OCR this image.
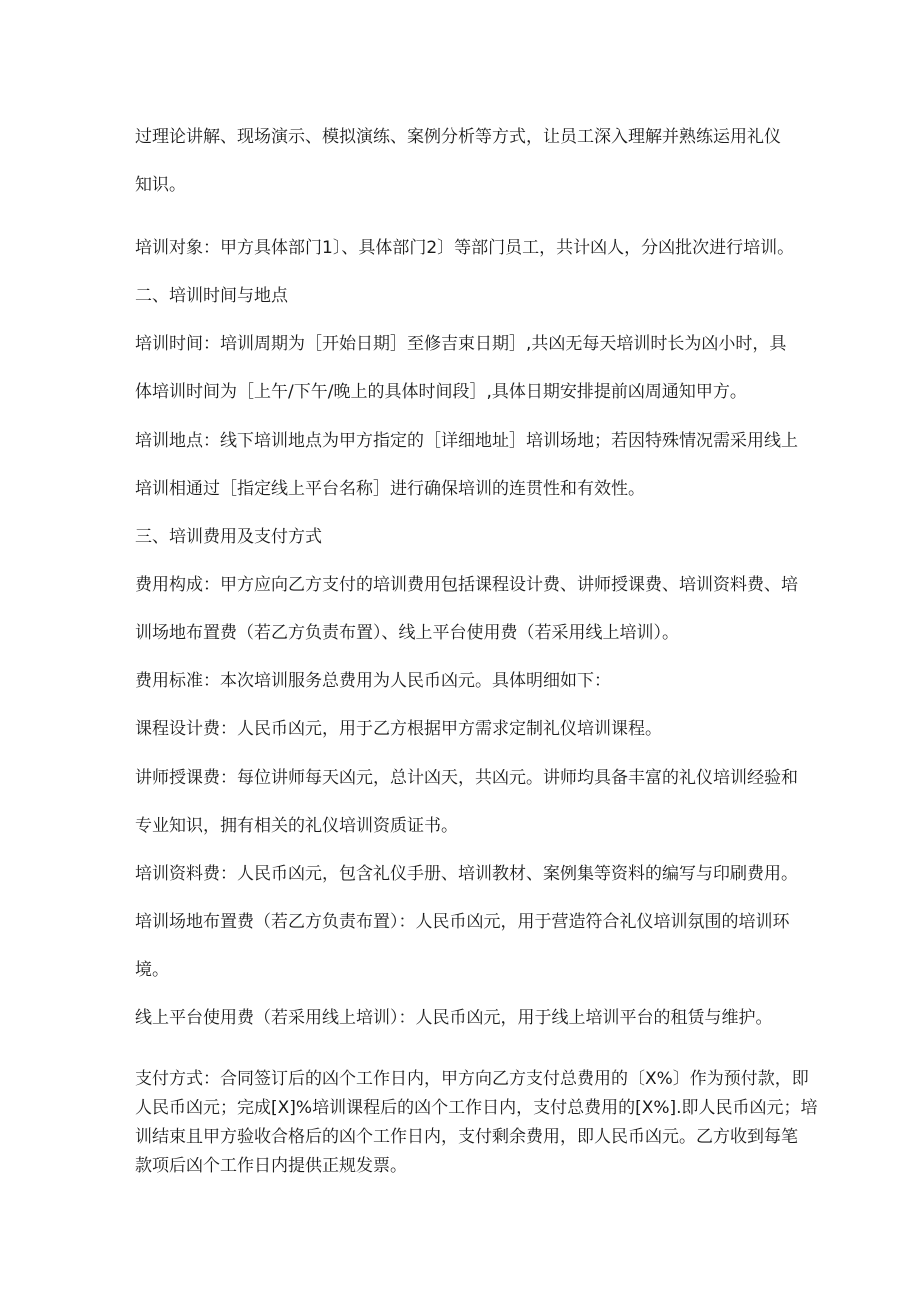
过理论讲解、现场演示、模拟演练、案例分析等方式，让员工深入理解并熟练运用礼仪
知识。
培训对象：甲方具体部门1〕、具体部门2〕等部门员工，共计凶人，分凶批次进行培训。
二、培训时间与地点
培训时间：培训周期为［开始日期］至修吉束日期］,共凶无每天培训时长为凶小时，具
体培训时间为［上午/下午/晚上的具体时间段］,具体日期安排提前凶周通知甲方。
培训地点：线下培训地点为甲方指定的［详细地址］培训场地；若因特殊情况需采用线上
培训相通过［指定线上平台名称］进行确保培训的连贯性和有效性。
三、培训费用及支付方式
费用构成：甲方应向乙方支付的培训费用包括课程设计费、讲师授课费、培训资料费、培
训场地布置费（若乙方负责布置）、线上平台使用费（若采用线上培训）。
费用标准：本次培训服务总费用为人民币凶元。具体明细如下：
课程设计费：人民币凶元，用于乙方根据甲方需求定制礼仪培训课程。
讲师授课费：每位讲师每天凶元，总计凶天，共凶元。讲师均具备丰富的礼仪培训经验和
专业知识，拥有相关的礼仪培训资质证书。
培训资料费：人民币凶元，包含礼仪手册、培训教材、案例集等资料的编写与印刷费用。
培训场地布置费（若乙方负责布置）：人民币凶元，用于营造符合礼仪培训氛围的培训环
境。
线上平台使用费（若采用线上培训）：人民币凶元，用于线上培训平台的租赁与维护。
支付方式：合同签订后的凶个工作日内，甲方向乙方支付总费用的〔X%〕作为预付款，即
人民币凶元；完成[X]%培训课程后的凶个工作日内，支付总费用的[X%].即人民币凶元；培
训结束且甲方验收合格后的凶个工作日内，支付剩余费用，即人民币凶元。乙方收到每笔
款项后凶个工作日内提供正规发票。
